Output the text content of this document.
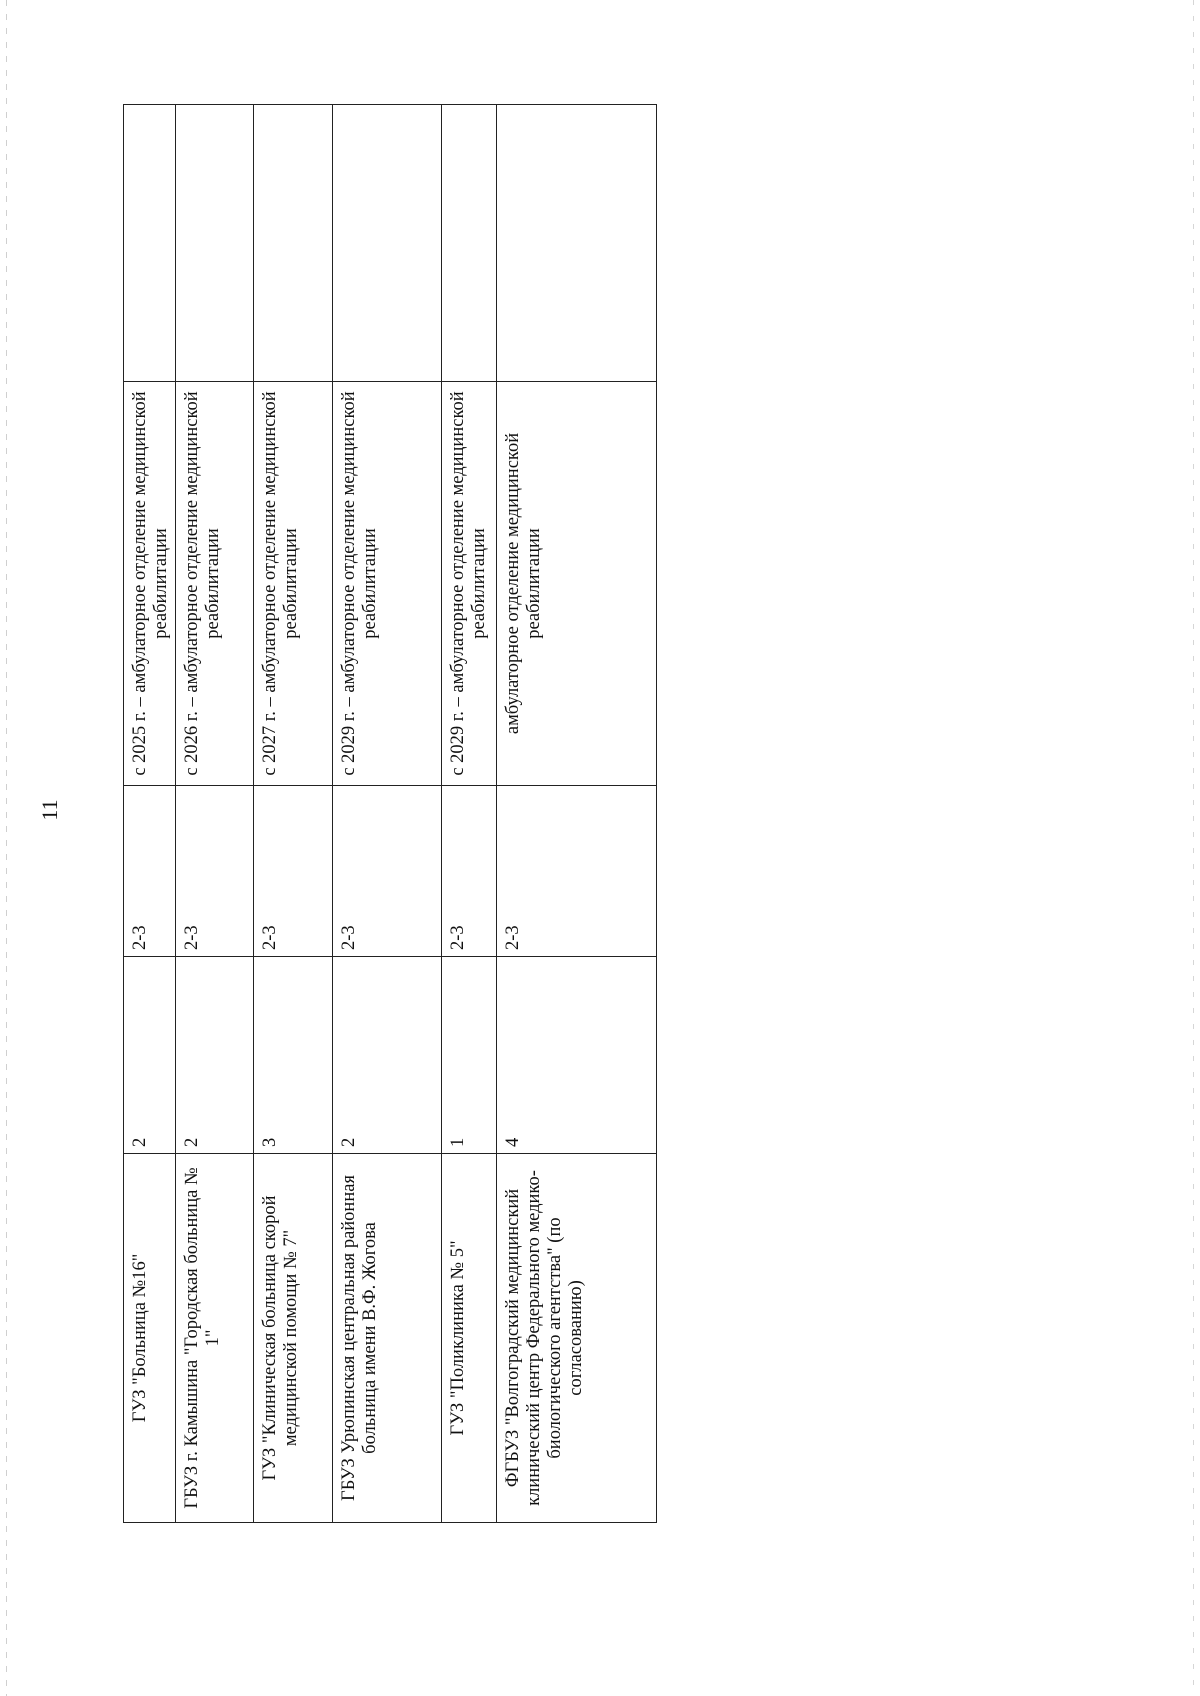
11
ГУЗ "Больница №16"	2	2-3	с 2025 г. – амбулаторное отделение медицинской реабилитации	
ГБУЗ г. Камышина "Городская больница № 1"	2	2-3	с 2026 г. – амбулаторное отделение медицинской реабилитации	
ГУЗ "Клиническая больница скорой медицинской помощи № 7"	3	2-3	с 2027 г. – амбулаторное отделение медицинской реабилитации	
ГБУЗ Урюпинская центральная районная больница имени В.Ф. Жогова	2	2-3	с 2029 г. – амбулаторное отделение медицинской реабилитации	
ГУЗ "Поликлиника № 5"	1	2-3	с 2029 г. – амбулаторное отделение медицинской реабилитации	
ФГБУЗ "Волгоградский медицинский клинический центр Федерального медико-биологического агентства" (по согласованию)	4	2-3	амбулаторное отделение медицинской реабилитации	
